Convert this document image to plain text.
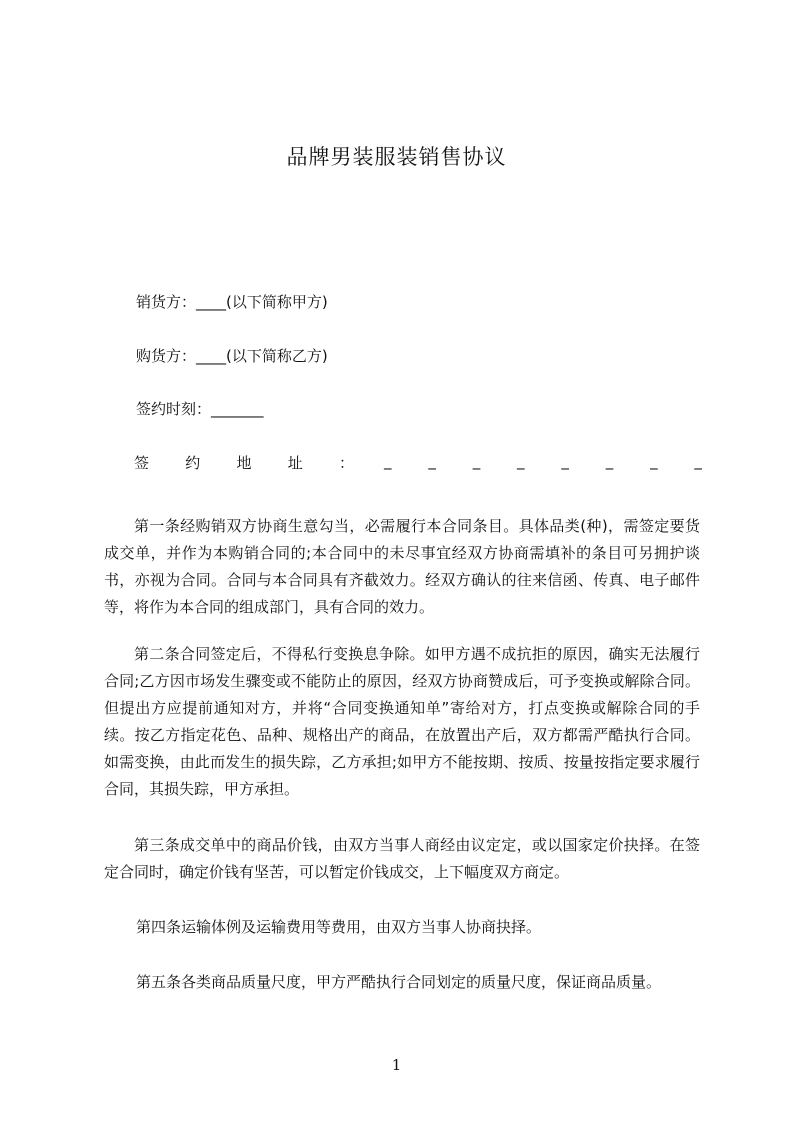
品牌男装服装销售协议
销货方：____(以下简称甲方)
购货方：____(以下简称乙方)
签约时刻：_______
签 约 地 址 ： _ _ _ _ _ _ _ _

第一条经购销双方协商生意勾当，必需履行本合同条目。具体品类(种)，需签定要货成交单，并作为本购销合同的;本合同中的未尽事宜经双方协商需填补的条目可另拥护谈书，亦视为合同。合同与本合同具有齐截效力。经双方确认的往来信函、传真、电子邮件等，将作为本合同的组成部门，具有合同的效力。

第二条合同签定后，不得私行变换息争除。如甲方遇不成抗拒的原因，确实无法履行合同;乙方因市场发生骤变或不能防止的原因，经双方协商赞成后，可予变换或解除合同。但提出方应提前通知对方，并将“合同变换通知单”寄给对方，打点变换或解除合同的手续。按乙方指定花色、品种、规格出产的商品，在放置出产后，双方都需严酷执行合同。如需变换，由此而发生的损失踪，乙方承担;如甲方不能按期、按质、按量按指定要求履行合同，其损失踪，甲方承担。

第三条成交单中的商品价钱，由双方当事人商经由议定定，或以国家定价抉择。在签定合同时，确定价钱有坚苦，可以暂定价钱成交，上下幅度双方商定。

第四条运输体例及运输费用等费用，由双方当事人协商抉择。

第五条各类商品质量尺度，甲方严酷执行合同划定的质量尺度，保证商品质量。

1
